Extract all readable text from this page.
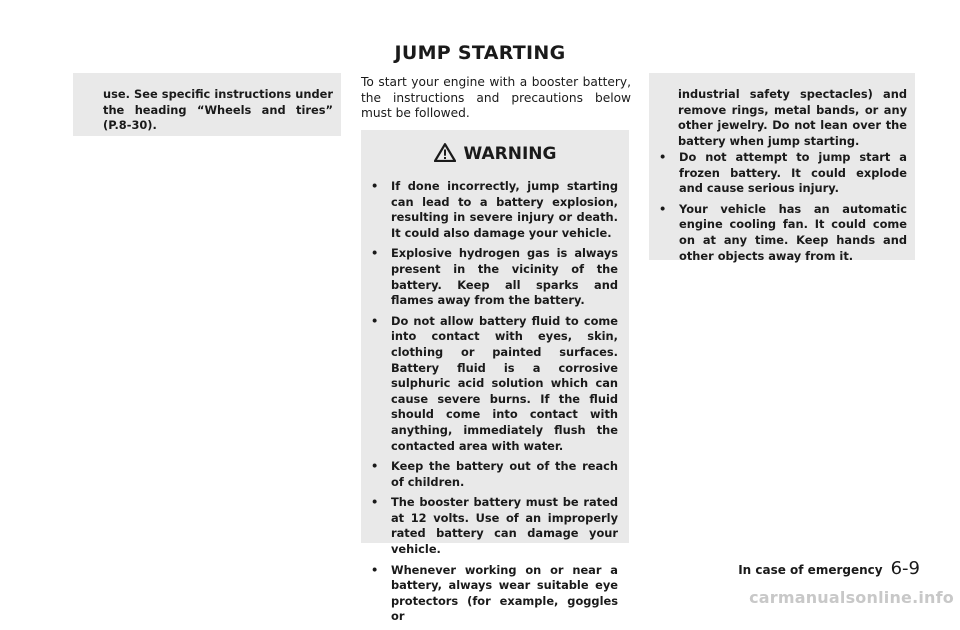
JUMP STARTING
use. See specific instructions under the heading “Wheels and tires” (P.8-30).
To start your engine with a booster battery, the instructions and precautions below must be followed.
WARNING
• If done incorrectly, jump starting can lead to a battery explosion, resulting in severe injury or death. It could also damage your vehicle.
• Explosive hydrogen gas is always present in the vicinity of the battery. Keep all sparks and flames away from the battery.
• Do not allow battery fluid to come into contact with eyes, skin, clothing or painted surfaces. Battery fluid is a corrosive sulphuric acid solution which can cause severe burns. If the fluid should come into contact with anything, immediately flush the contacted area with water.
• Keep the battery out of the reach of children.
• The booster battery must be rated at 12 volts. Use of an improperly rated battery can damage your vehicle.
• Whenever working on or near a battery, always wear suitable eye protectors (for example, goggles or
industrial safety spectacles) and remove rings, metal bands, or any other jewelry. Do not lean over the battery when jump starting.
• Do not attempt to jump start a frozen battery. It could explode and cause serious injury.
• Your vehicle has an automatic engine cooling fan. It could come on at any time. Keep hands and other objects away from it.
In case of emergency 6-9
carmanualsonline.info
